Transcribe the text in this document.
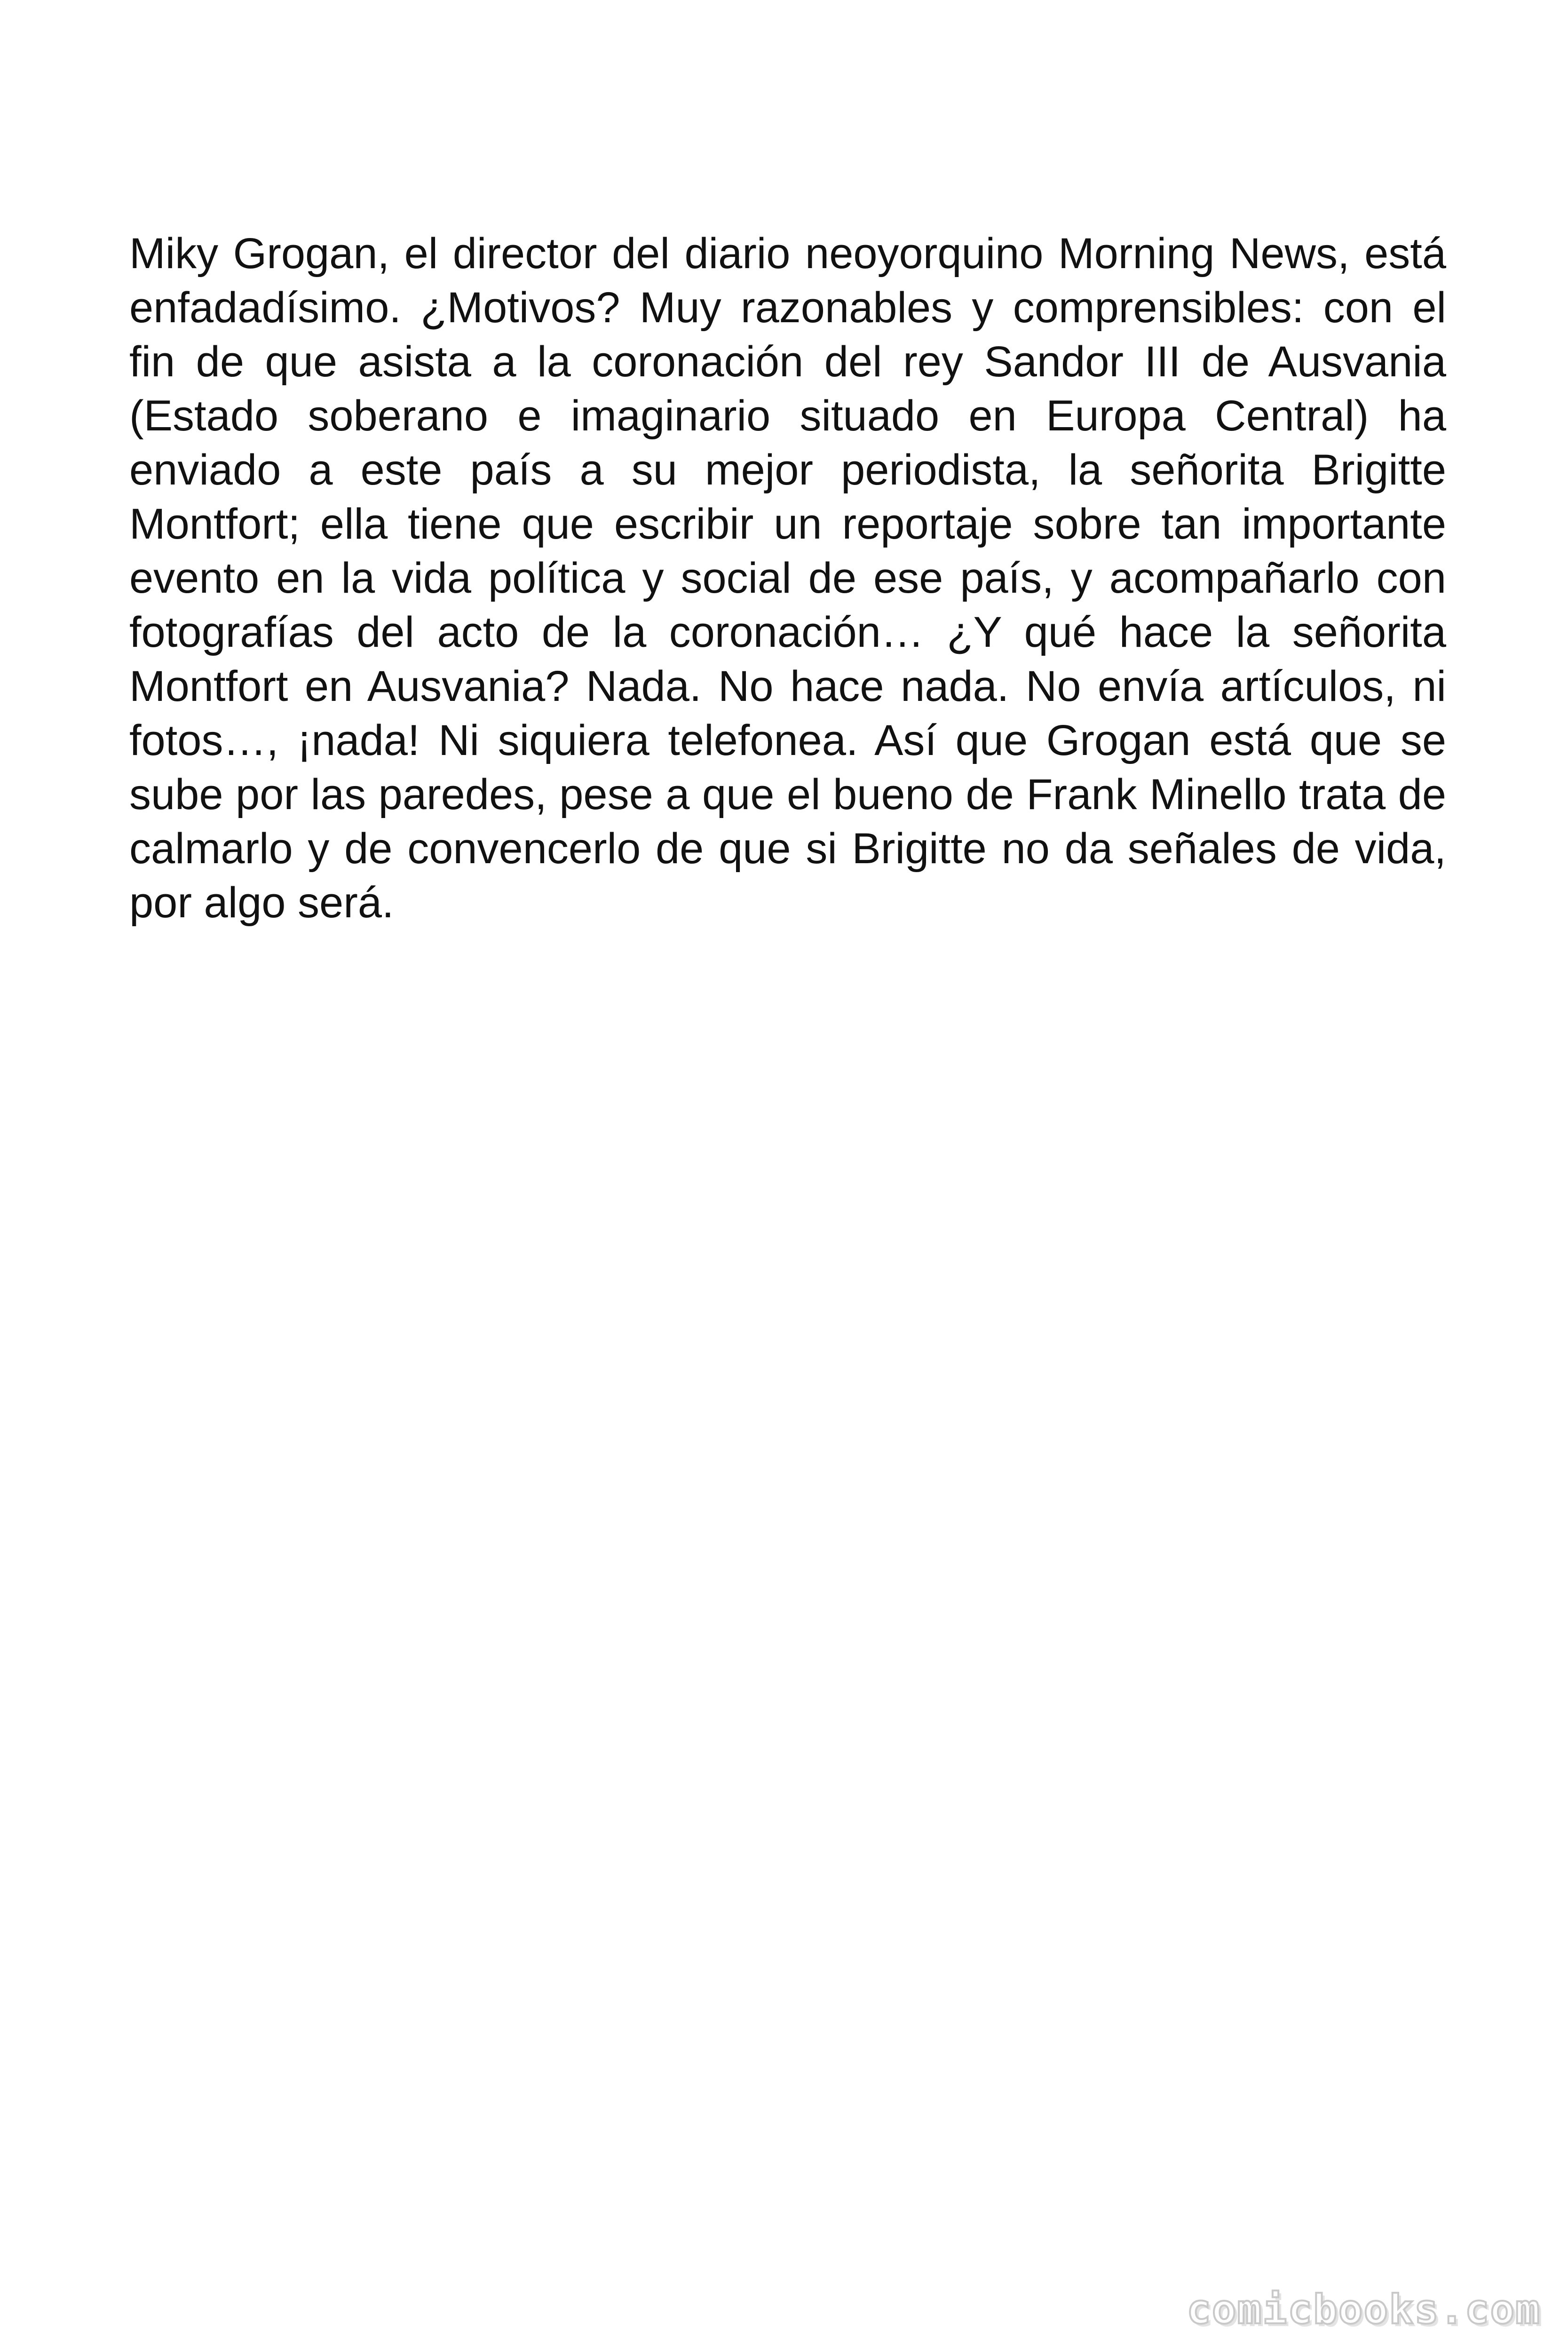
Miky Grogan, el director del diario neoyorquino Morning News, está enfadadísimo. ¿Motivos? Muy razonables y comprensibles: con el fin de que asista a la coronación del rey Sandor III de Ausvania (Estado soberano e imaginario situado en Europa Central) ha enviado a este país a su mejor periodista, la señorita Brigitte Montfort; ella tiene que escribir un reportaje sobre tan importante evento en la vida política y social de ese país, y acompañarlo con fotografías del acto de la coronación… ¿Y qué hace la señorita Montfort en Ausvania? Nada. No hace nada. No envía artículos, ni fotos…, ¡nada! Ni siquiera telefonea. Así que Grogan está que se sube por las paredes, pese a que el bueno de Frank Minello trata de calmarlo y de convencerlo de que si Brigitte no da señales de vida, por algo será.

comicbooks.com
